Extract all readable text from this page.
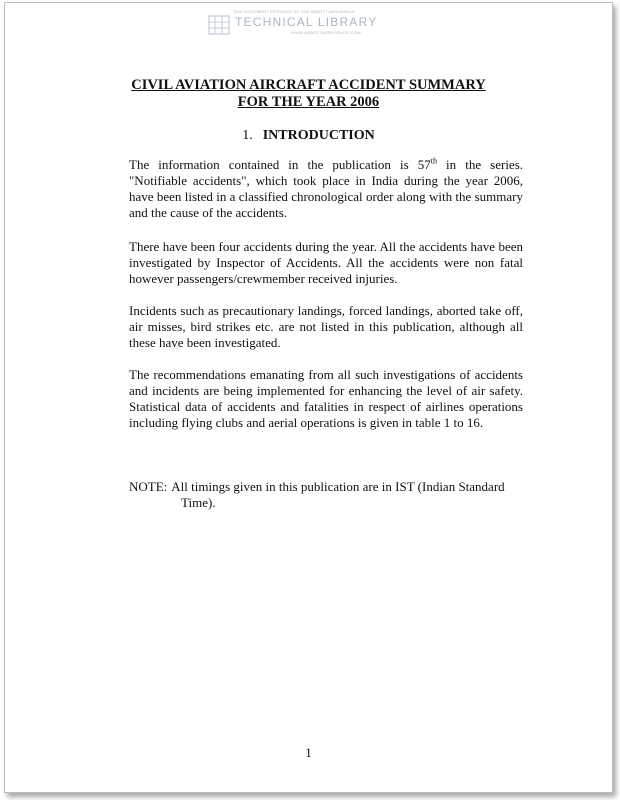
THIS DOCUMENT PROVIDED BY THE ABBOTT AEROSPACE
TECHNICAL LIBRARY
WWW.ABBOTTAEROSPACE.COM
CIVIL AVIATION AIRCRAFT ACCIDENT SUMMARY
FOR THE YEAR 2006
1. INTRODUCTION

The information contained in the publication is 57th in the series. "Notifiable accidents", which took place in India during the year 2006, have been listed in a classified chronological order along with the summary and the cause of the accidents.

There have been four accidents during the year. All the accidents have been investigated by Inspector of Accidents. All the accidents were non fatal however passengers/crewmember received injuries.

Incidents such as precautionary landings, forced landings, aborted take off, air misses, bird strikes etc. are not listed in this publication, although all these have been investigated.

The recommendations emanating from all such investigations of accidents and incidents are being implemented for enhancing the level of air safety. Statistical data of accidents and fatalities in respect of airlines operations including flying clubs and aerial operations is given in table 1 to 16.

NOTE: All timings given in this publication are in IST (Indian Standard
Time).
1
